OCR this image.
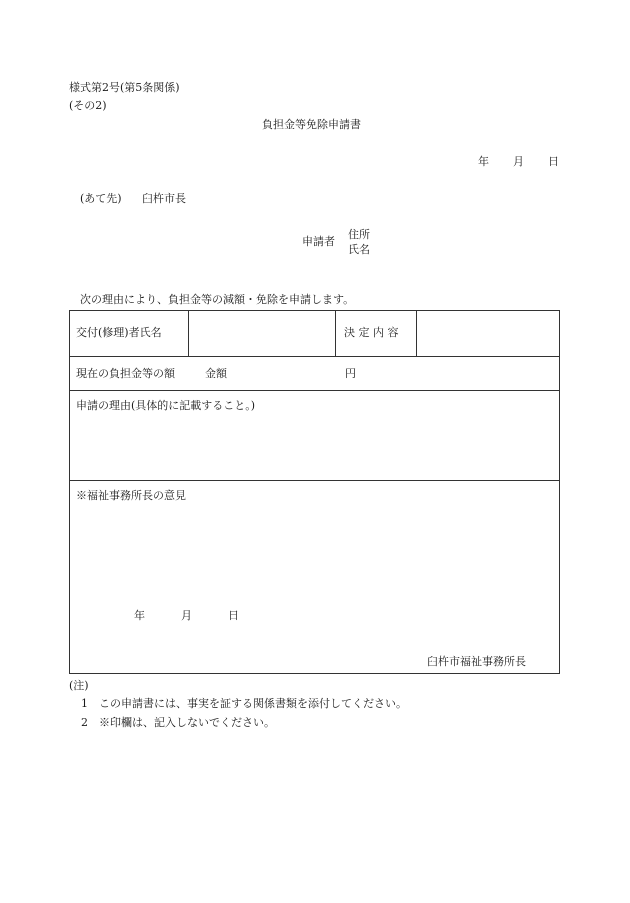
様式第2号(第5条関係)
(その2)
負担金等免除申請書
年 月 日
(あて先) 臼杵市長
申請者
住所
氏名
次の理由により、負担金等の減額・免除を申請します。
交付(修理)者氏名	決 定 内 容
現在の負担金等の額	金額	円
申請の理由(具体的に記載すること。)
※福祉事務所長の意見
年	月	日
臼杵市福祉事務所長
(注)
1 この申請書には、事実を証する関係書類を添付してください。
2 ※印欄は、記入しないでください。
